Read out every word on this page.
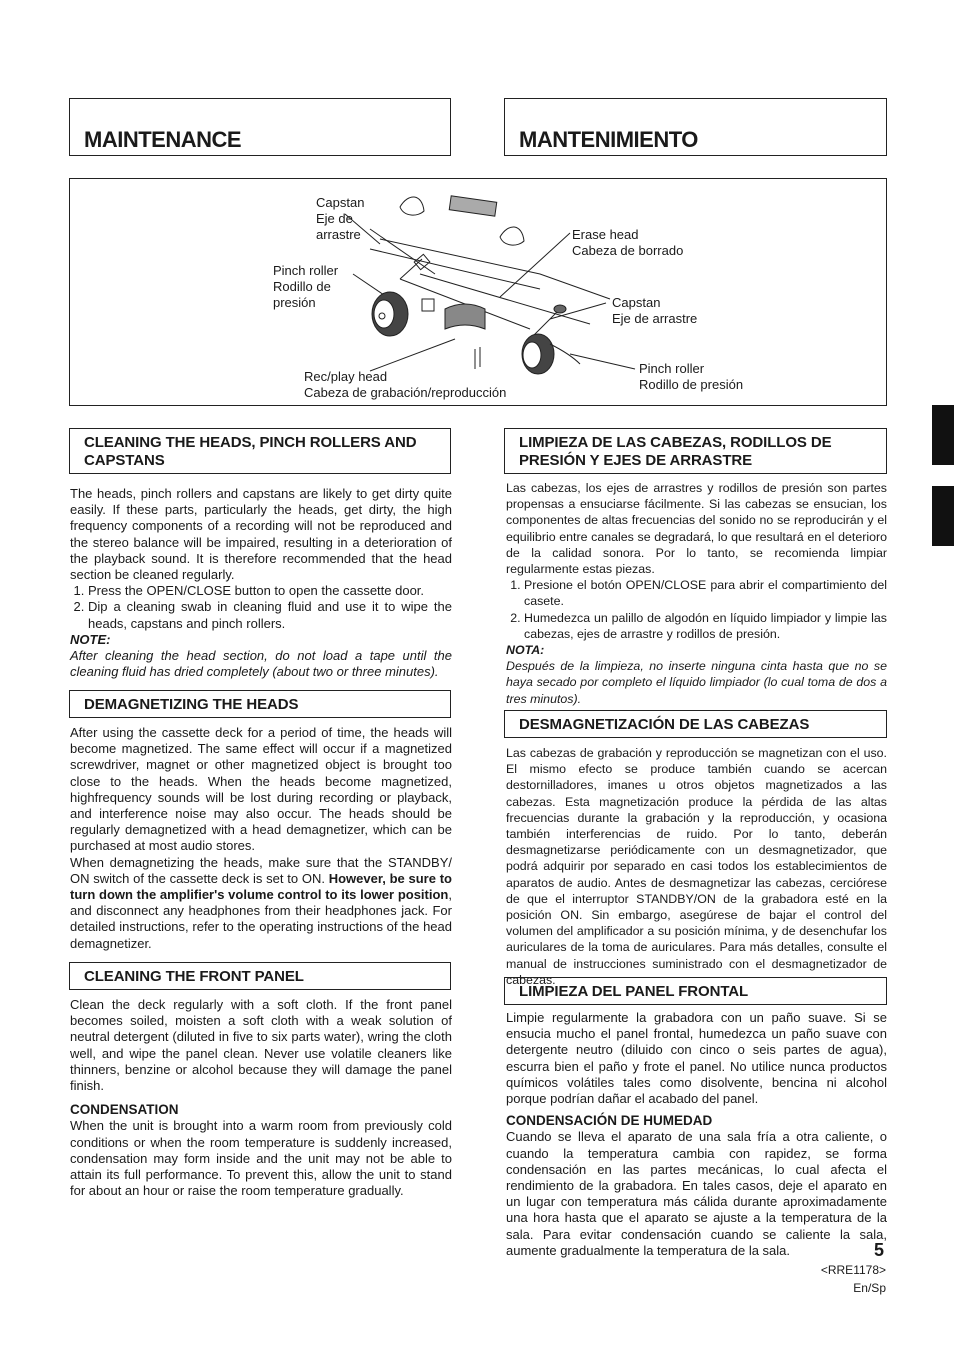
MAINTENANCE	MANTENIMIENTO
Capstan
Eje de
arrastre
Pinch roller
Rodillo de
presión
Rec/play head
Cabeza de grabación/reproducción
Erase head
Cabeza de borrado
Capstan
Eje de arrastre
Pinch roller
Rodillo de presión
CLEANING THE HEADS, PINCH ROLLERS AND CAPSTANS

The heads, pinch rollers and capstans are likely to get dirty quite easily. If these parts, particularly the heads, get dirty, the high frequency components of a recording will not be reproduced and the stereo balance will be impaired, resulting in a deterioration of the playback sound. It is therefore recommended that the head section be cleaned regularly.

1. Press the OPEN/CLOSE button to open the cassette door.
2. Dip a cleaning swab in cleaning fluid and use it to wipe the heads, capstans and pinch rollers.

NOTE:

After cleaning the head section, do not load a tape until the cleaning fluid has dried completely (about two or three minutes).

DEMAGNETIZING THE HEADS

After using the cassette deck for a period of time, the heads will become magnetized. The same effect will occur if a magnetized screwdriver, magnet or other magnetized object is brought too close to the heads. When the heads become magnetized, highfrequency sounds will be lost during recording or playback, and interference noise may also occur. The heads should be regularly demagnetized with a head demagnetizer, which can be purchased at most audio stores.

When demagnetizing the heads, make sure that the STANDBY/ ON switch of the cassette deck is set to ON. However, be sure to turn down the amplifier's volume control to its lower position, and disconnect any headphones from their headphones jack. For detailed instructions, refer to the operating instructions of the head demagnetizer.

CLEANING THE FRONT PANEL

Clean the deck regularly with a soft cloth. If the front panel becomes soiled, moisten a soft cloth with a weak solution of neutral detergent (diluted in five to six parts water), wring the cloth well, and wipe the panel clean. Never use volatile cleaners like thinners, benzine or alcohol because they will damage the panel finish.

CONDENSATION

When the unit is brought into a warm room from previously cold conditions or when the room temperature is suddenly increased, condensation may form inside and the unit may not be able to attain its full performance. To prevent this, allow the unit to stand for about an hour or raise the room temperature gradually.

LIMPIEZA DE LAS CABEZAS, RODILLOS DE PRESIÓN Y EJES DE ARRASTRE

Las cabezas, los ejes de arrastres y rodillos de presión son partes propensas a ensuciarse fácilmente. Si las cabezas se ensucian, los componentes de altas frecuencias del sonido no se reproducirán y el equilibrio entre canales se degradará, lo que resultará en el deterioro de la calidad sonora. Por lo tanto, se recomienda limpiar regularmente estas piezas.

1. Presione el botón OPEN/CLOSE para abrir el compartimiento del casete.
2. Humedezca un palillo de algodón en líquido limpiador y limpie las cabezas, ejes de arrastre y rodillos de presión.

NOTA:

Después de la limpieza, no inserte ninguna cinta hasta que no se haya secado por completo el líquido limpiador (lo cual toma de dos a tres minutos).

DESMAGNETIZACIÓN DE LAS CABEZAS

Las cabezas de grabación y reproducción se magnetizan con el uso. El mismo efecto se produce también cuando se acercan destornilladores, imanes u otros objetos magnetizados a las cabezas. Esta magnetización produce la pérdida de las altas frecuencias durante la grabación y la reproducción, y ocasiona también interferencias de ruido. Por lo tanto, deberán desmagnetizarse periódicamente con un desmagnetizador, que podrá adquirir por separado en casi todos los establecimientos de aparatos de audio. Antes de desmagnetizar las cabezas, cerciórese de que el interruptor STANDBY/ON de la grabadora esté en la posición ON. Sin embargo, asegúrese de bajar el control del volumen del amplificador a su posición mínima, y de desenchufar los auriculares de la toma de auriculares. Para más detalles, consulte el manual de instrucciones suministrado con el desmagnetizador de cabezas.

LIMPIEZA DEL PANEL FRONTAL

Limpie regularmente la grabadora con un paño suave. Si se ensucia mucho el panel frontal, humedezca un paño suave con detergente neutro (diluido con cinco o seis partes de agua), escurra bien el paño y frote el panel. No utilice nunca productos químicos volátiles tales como disolvente, bencina ni alcohol porque podrían dañar el acabado del panel.

CONDENSACIÓN DE HUMEDAD

Cuando se lleva el aparato de una sala fría a otra caliente, o cuando la temperatura cambia con rapidez, se forma condensación en las partes mecánicas, lo cual afecta el rendimiento de la grabadora. En tales casos, deje el aparato en un lugar con temperatura más cálida durante aproximadamente una hora hasta que el aparato se ajuste a la temperatura de la sala. Para evitar condensación cuando se caliente la sala, aumente gradualmente la temperatura de la sala.	5
<RRE1178>
En/Sp
